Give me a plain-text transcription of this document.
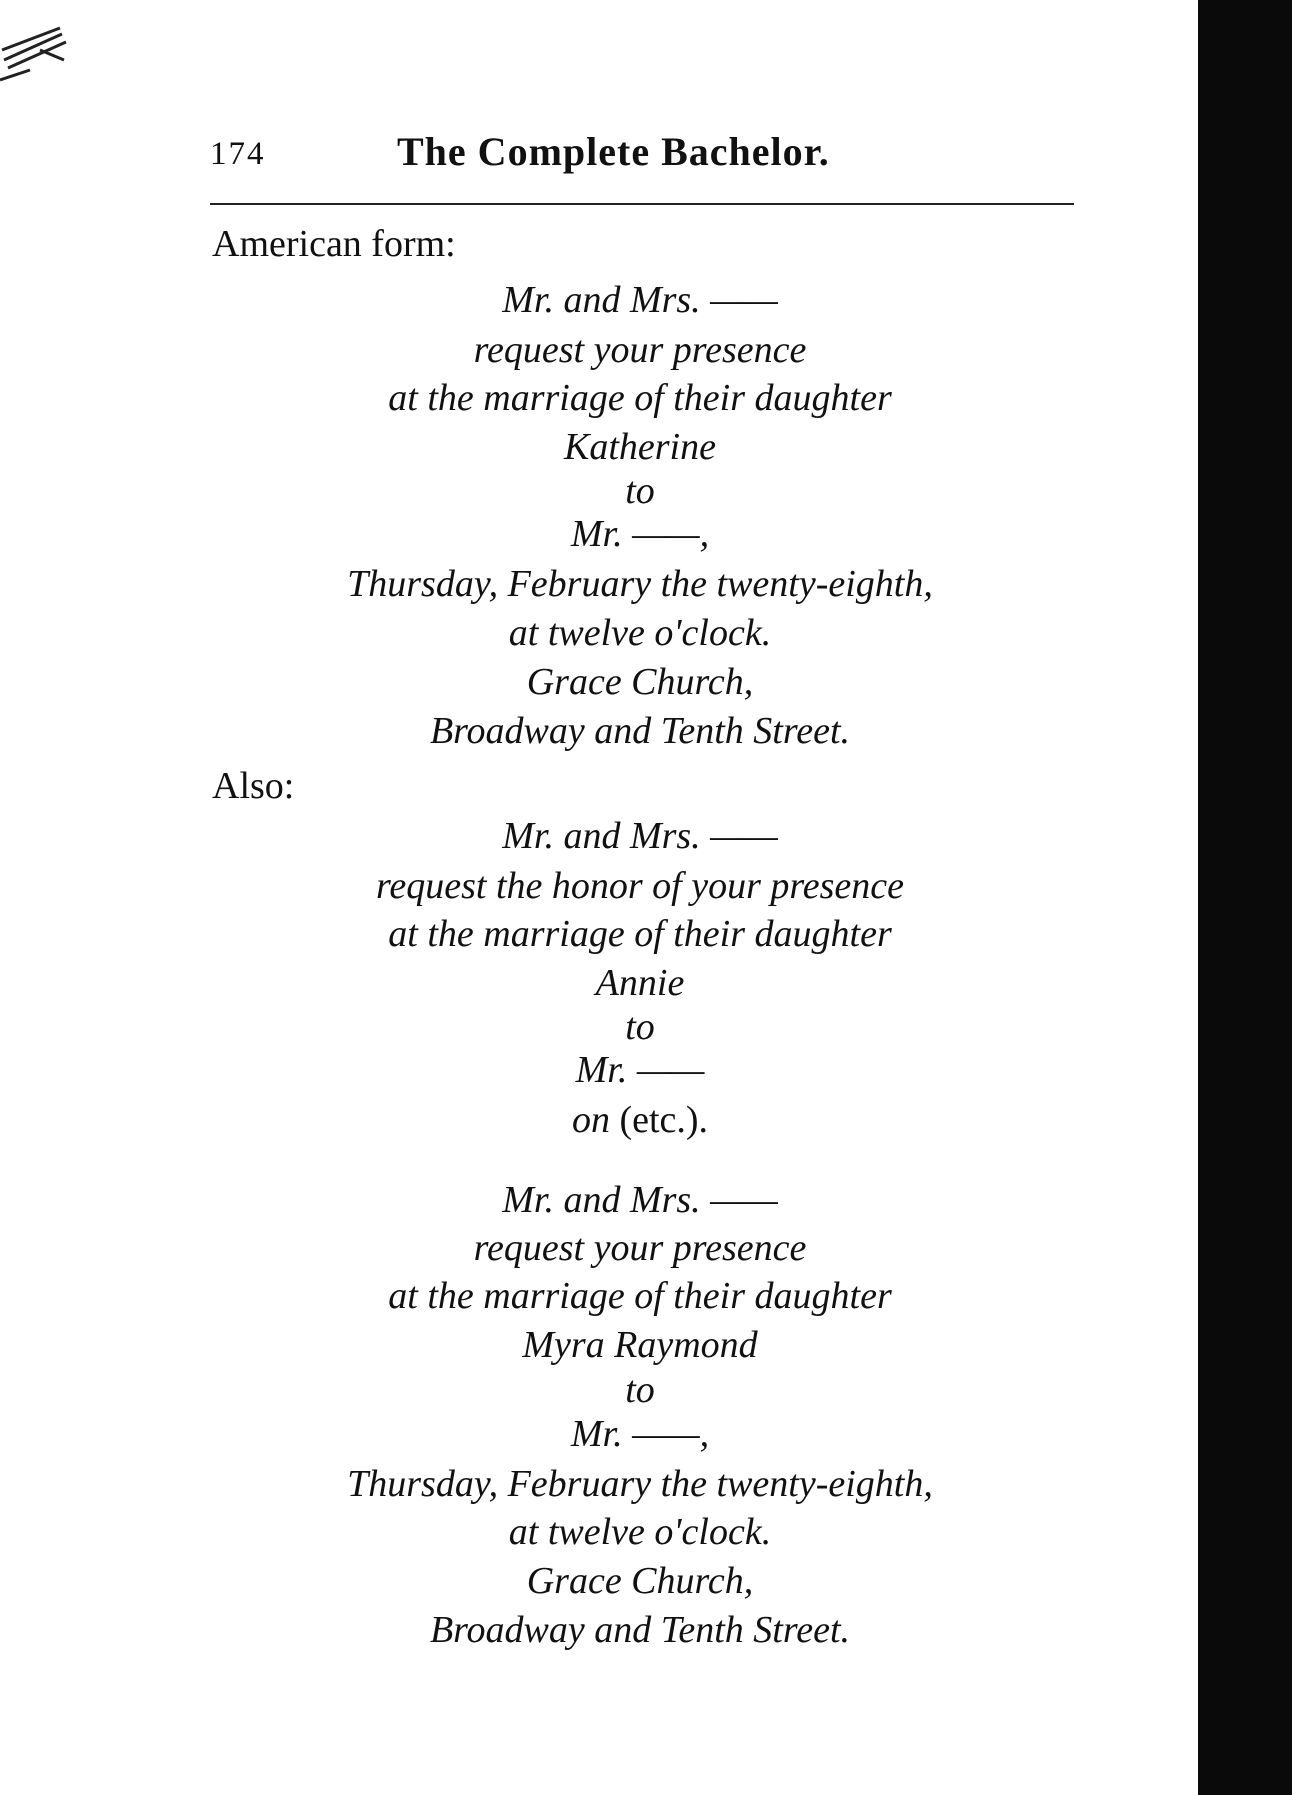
174	The Complete Bachelor.
American form:
Mr. and Mrs. ——
request your presence
at the marriage of their daughter
Katherine
to
Mr. ——,
Thursday, February the twenty-eighth,
at twelve o'clock.
Grace Church,
Broadway and Tenth Street.
Also:
Mr. and Mrs. ——
request the honor of your presence
at the marriage of their daughter
Annie
to
Mr. ——
on (etc.).
Mr. and Mrs. ——
request your presence
at the marriage of their daughter
Myra Raymond
to
Mr. ——,
Thursday, February the twenty-eighth,
at twelve o'clock.
Grace Church,
Broadway and Tenth Street.
